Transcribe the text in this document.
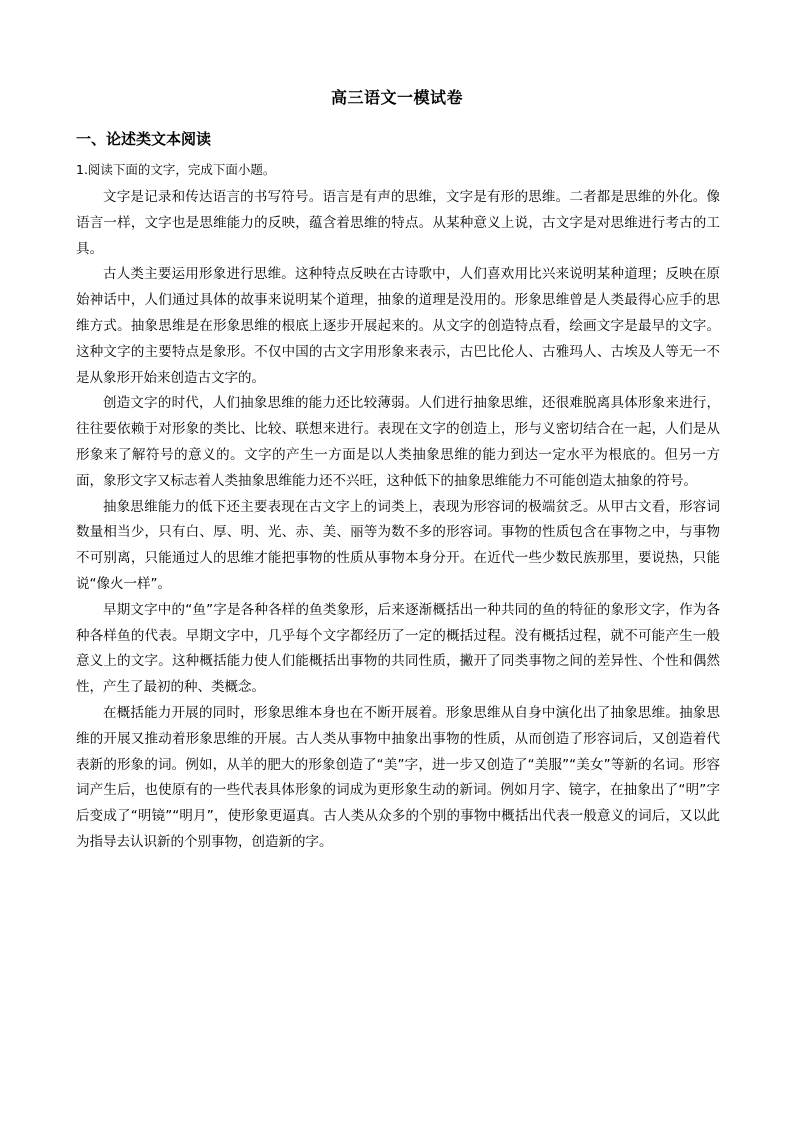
高三语文一模试卷
一、论述类文本阅读
1.阅读下面的文字，完成下面小题。

文字是记录和传达语言的书写符号。语言是有声的思维，文字是有形的思维。二者都是思维的外化。像语言一样，文字也是思维能力的反映，蕴含着思维的特点。从某种意义上说，古文字是对思维进行考古的工具。

古人类主要运用形象进行思维。这种特点反映在古诗歌中，人们喜欢用比兴来说明某种道理；反映在原始神话中，人们通过具体的故事来说明某个道理，抽象的道理是没用的。形象思维曾是人类最得心应手的思维方式。抽象思维是在形象思维的根底上逐步开展起来的。从文字的创造特点看，绘画文字是最早的文字。这种文字的主要特点是象形。不仅中国的古文字用形象来表示，古巴比伦人、古雅玛人、古埃及人等无一不是从象形开始来创造古文字的。

创造文字的时代，人们抽象思维的能力还比较薄弱。人们进行抽象思维，还很难脱离具体形象来进行，往往要依赖于对形象的类比、比较、联想来进行。表现在文字的创造上，形与义密切结合在一起，人们是从形象来了解符号的意义的。文字的产生一方面是以人类抽象思维的能力到达一定水平为根底的。但另一方面，象形文字又标志着人类抽象思维能力还不兴旺，这种低下的抽象思维能力不可能创造太抽象的符号。

抽象思维能力的低下还主要表现在古文字上的词类上，表现为形容词的极端贫乏。从甲古文看，形容词数量相当少，只有白、厚、明、光、赤、美、丽等为数不多的形容词。事物的性质包含在事物之中，与事物不可别离，只能通过人的思维才能把事物的性质从事物本身分开。在近代一些少数民族那里，要说热，只能说“像火一样”。

早期文字中的“鱼”字是各种各样的鱼类象形，后来逐渐概括出一种共同的鱼的特征的象形文字，作为各种各样鱼的代表。早期文字中，几乎每个文字都经历了一定的概括过程。没有概括过程，就不可能产生一般意义上的文字。这种概括能力使人们能概括出事物的共同性质，撇开了同类事物之间的差异性、个性和偶然性，产生了最初的种、类概念。

在概括能力开展的同时，形象思维本身也在不断开展着。形象思维从自身中演化出了抽象思维。抽象思维的开展又推动着形象思维的开展。古人类从事物中抽象出事物的性质，从而创造了形容词后，又创造着代表新的形象的词。例如，从羊的肥大的形象创造了“美”字，进一步又创造了“美服”“美女”等新的名词。形容词产生后，也使原有的一些代表具体形象的词成为更形象生动的新词。例如月字、镜字，在抽象出了“明”字后变成了“明镜”“明月”，使形象更逼真。古人类从众多的个别的事物中概括出代表一般意义的词后，又以此为指导去认识新的个别事物，创造新的字。
